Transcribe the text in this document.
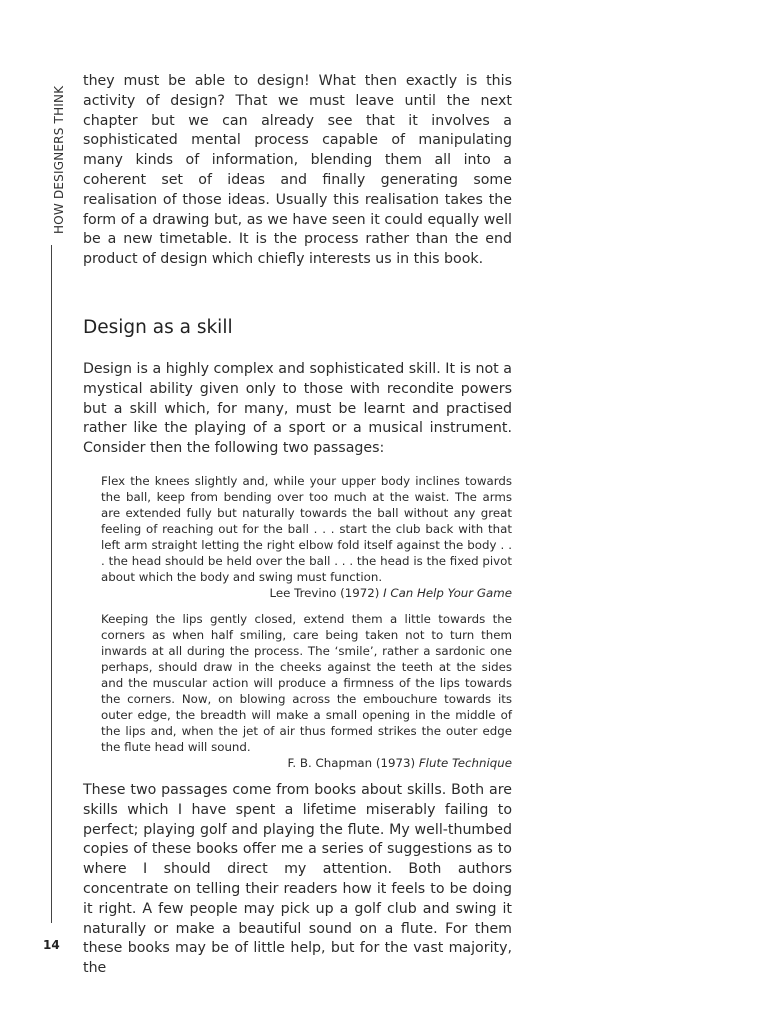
HOW DESIGNERS THINK
14

they must be able to design! What then exactly is this activity of design? That we must leave until the next chapter but we can already see that it involves a sophisticated mental process capable of manipulating many kinds of information, blending them all into a coherent set of ideas and finally generating some realisation of those ideas. Usually this realisation takes the form of a drawing but, as we have seen it could equally well be a new timetable. It is the process rather than the end product of design which chiefly interests us in this book.

Design as a skill

Design is a highly complex and sophisticated skill. It is not a mystical ability given only to those with recondite powers but a skill which, for many, must be learnt and practised rather like the playing of a sport or a musical instrument. Consider then the following two passages:

Flex the knees slightly and, while your upper body inclines towards the ball, keep from bending over too much at the waist. The arms are extended fully but naturally towards the ball without any great feeling of reaching out for the ball . . . start the club back with that left arm straight letting the right elbow fold itself against the body . . . the head should be held over the ball . . . the head is the fixed pivot about which the body and swing must function.

Lee Trevino (1972) I Can Help Your Game

Keeping the lips gently closed, extend them a little towards the corners as when half smiling, care being taken not to turn them inwards at all during the process. The ‘smile’, rather a sardonic one perhaps, should draw in the cheeks against the teeth at the sides and the muscular action will produce a firmness of the lips towards the corners. Now, on blowing across the embouchure towards its outer edge, the breadth will make a small opening in the middle of the lips and, when the jet of air thus formed strikes the outer edge the flute head will sound.

F. B. Chapman (1973) Flute Technique

These two passages come from books about skills. Both are skills which I have spent a lifetime miserably failing to perfect; playing golf and playing the flute. My well-thumbed copies of these books offer me a series of suggestions as to where I should direct my attention. Both authors concentrate on telling their readers how it feels to be doing it right. A few people may pick up a golf club and swing it naturally or make a beautiful sound on a flute. For them these books may be of little help, but for the vast majority, the
